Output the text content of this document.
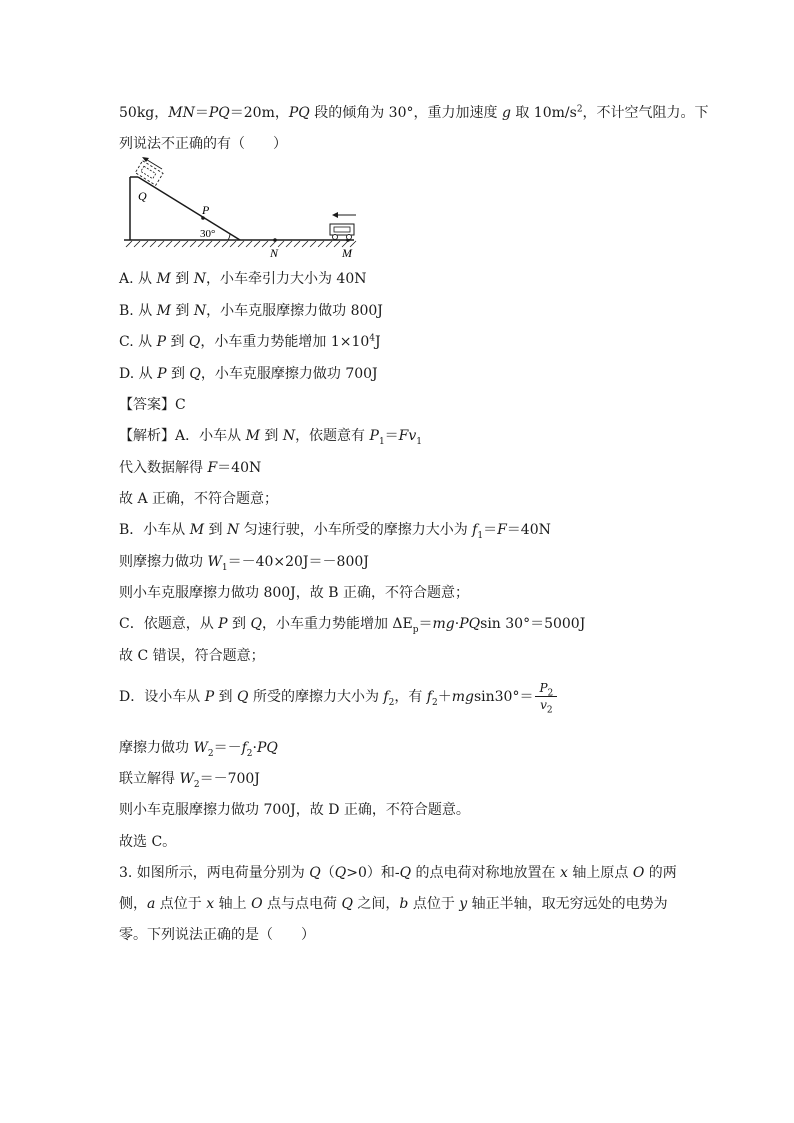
50kg，MN＝PQ＝20m，PQ 段的倾角为 30°，重力加速度 g 取 $10m/s^2$，不计空气阻力。下
列说法不正确的有（　　）
30°
P
Q
N	M
A. 从 M 到 N，小车牵引力大小为 40N
B. 从 M 到 N，小车克服摩擦力做功 800J
C. 从 P 到 Q，小车重力势能增加 $1\times 10^4J$
D. 从 P 到 Q，小车克服摩擦力做功 700J
【答案】C
【解析】A．小车从 M 到 N，依题意有 $P_1=Fv_1$
代入数据解得 F＝40N
故 A 正确，不符合题意；
B．小车从 M 到 N 匀速行驶，小车所受的摩擦力大小为 $f_1=F=40N$
则摩擦力做功 $W_1=-40\times 20J=-800J$
则小车克服摩擦力做功 800J，故 B 正确，不符合题意；
C．依题意，从 P 到 Q，小车重力势能增加 $\Delta E_p=mg\cdot PQsin$ 30°＝5000J
故 C 错误，符合题意；
D．设小车从 P 到 Q 所受的摩擦力大小为 $f_2$，有 $f_2+mgsin30^\circ= \frac{P_2}{v_2}$
摩擦力做功 $W_2=-f_2\cdot PQ$
联立解得 $W_2=-700J$
则小车克服摩擦力做功 700J，故 D 正确，不符合题意。
故选 C。
3. 如图所示，两电荷量分别为 Q（Q>0）和-Q 的点电荷对称地放置在 x 轴上原点 O 的两
侧，a 点位于 x 轴上 O 点与点电荷 Q 之间，b 点位于 y 轴正半轴，取无穷远处的电势为
零。下列说法正确的是（　　）
